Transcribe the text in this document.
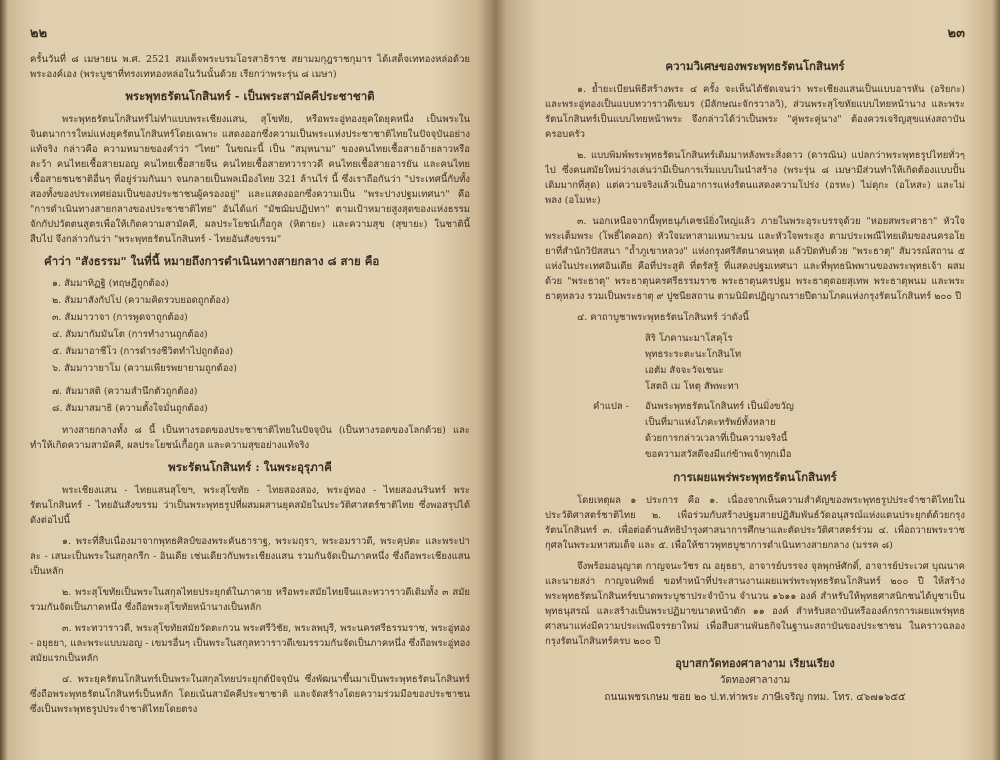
๒๒

ครั้นวันที่ ๘ เมษายน พ.ศ. 2521 สมเด็จพระบรมโอรสาธิราช สยามมกุฎราชกุมาร ได้เสด็จเททองหล่อด้วยพระองค์เอง (พระบูชาที่ทรงเททองหล่อในวันนั้นด้วย เรียกว่าพระรุ่น ๘ เมษา)

พระพุทธรัตนโกสินทร์ - เป็นพระสามัคคีประชาชาติ

พระพุทธรัตนโกสินทร์ไม่ทำแบบพระเชียงแสน, สุโขทัย, หรือพระอู่ทองยุคใดยุคหนึ่ง เป็นพระในจินตนาการใหม่แห่งยุครัตนโกสินทร์โดยเฉพาะ แสดงออกซึ่งความเป็นพระแห่งประชาชาติไทยในปัจจุบันอย่างแท้จริง กล่าวคือ ความหมายของคำว่า "ไทย" ในขณะนี้ เป็น "สมุหนาม" ของคนไทยเชื้อสายอ้ายลาวหรือละว้า คนไทยเชื้อสายมอญ คนไทยเชื้อสายจีน คนไทยเชื้อสายทวาราวดี คนไทยเชื้อสายอารยัน และคนไทยเชื้อสายชนชาติอื่นๆ ที่อยู่ร่วมกันมา จนกลายเป็นพลเมืองไทย 321 ล้านไร่ นี้ ซึ่งเราถือกันว่า "ประเทศนี้กับทั้งสองทั้งของประเทศย่อมเป็นของประชาชนผู้ครองอยู่" และแสดงออกซึ่งความเป็น "พระปางปฐมเทศนา" คือ "การดำเนินทางสายกลางของประชาชาติไทย" อันได้แก่ "มัชฌิมปฏิปทา" ตามเป้าหมายสูงสุดของแห่งธรรมจักกัปปวัตตนสูตรเพื่อให้เกิดความสามัคคี, ผลประโยชน์เกื้อกูล (หิตายะ) และความสุข (สุขายะ) ในชาตินี้สืบไป จึงกล่าวกันว่า "พระพุทธรัตนโกสินทร์ - ไทยอันสังขรรม"

คำว่า "สังธรรม" ในที่นี้ หมายถึงการดำเนินทางสายกลาง ๘ สาย คือ
๑. สัมมาทิฏฐิ (ทฤษฎีถูกต้อง)
๒. สัมมาสังกัปโป (ความคิดรวบยอดถูกต้อง)
๓. สัมมาวาจา (การพูดจาถูกต้อง)
๔. สัมมากัมมันโต (การทำงานถูกต้อง)
๕. สัมมาอาชีโว (การดำรงชีวิตทำไปถูกต้อง)
๖. สัมมาวายาโม (ความเพียรพยายามถูกต้อง)
๗. สัมมาสติ (ความสำนึกตัวถูกต้อง)
๘. สัมมาสมาธิ (ความตั้งใจมั่นถูกต้อง)

ทางสายกลางทั้ง ๘ นี้ เป็นทางรอดของประชาชาติไทยในปัจจุบัน (เป็นทางรอดของโลกด้วย) และทำให้เกิดความสามัคคี, ผลประโยชน์เกื้อกูล และความสุขอย่างแท้จริง

พระรัตนโกสินทร์ : ในพระอุรุภาคี

พระเชียงแสน - ไทยแสนสุโขฯ, พระสุโขทัย - ไทยสองสอง, พระอู่ทอง - ไทยสองนรินทร์ พระรัตนโกสินทร์ - ไทยอันสังขรรม ว่าเป็นพระพุทธรูปที่ผสมผสานยุคสมัยในประวัติศาสตร์ชาติไทย ซึ่งพอสรุปได้ดังต่อไปนี้

๑. พระที่สืบเนื่องมาจากพุทธศิลป์ของพระคันธาราฐ, พระมถุรา, พระอมราวดี, พระคุปตะ และพระปาละ - เสนะเป็นพระในสกุลกรีก - อินเดีย เช่นเดียวกับพระเชียงแสน รวมกันจัดเป็นภาคหนึ่ง ซึ่งถือพระเชียงแสนเป็นหลัก

๒. พระสุโขทัยเป็นพระในสกุลไทยประยุกต์ในภาคาย หรือพระสมัยไทยจีนและทวาราวดีเดิมทั้ง ๓ สมัย รวมกันจัดเป็นภาคหนึ่ง ซึ่งถือพระสุโขทัยหน้านางเป็นหลัก

๓. พระทวาราวดี, พระสุโขทัยสมัยวัดตะกวน พระศรีวิชัย, พระลพบุรี, พระนครศรีธรรมราช, พระอู่ทอง - อยุธยา, และพระแบบมอญ - เขมรอื่นๆ เป็นพระในสกุลทวาราวดีเขมรรวมกันจัดเป็นภาคหนึ่ง ซึ่งถือพระอู่ทองสมัยแรกเป็นหลัก

๔. พระยุครัตนโกสินทร์เป็นพระในสกุลไทยประยุกต์ปัจจุบัน ซึ่งพัฒนาขึ้นมาเป็นพระพุทธรัตนโกสินทร์ ซึ่งถือพระพุทธรัตนโกสินทร์เป็นหลัก โดยเน้นสามัคคีประชาชาติ และจัดสร้างโดยความร่วมมือของประชาชน ซึ่งเป็นพระพุทธรูปประจำชาติไทยโดยตรง

๒๓
ความวิเศษของพระพุทธรัตนโกสินทร์

๑. ย้ำยะเบียนพิธีสร้างพระ ๔ ครั้ง จะเห็นได้ชัดเจนว่า พระเชียงแสนเป็นแบบอารหัน (อริยกะ) และพระอู่ทองเป็นแบบทวาราวดีเขมร (มีลักษณะจักรวาลวิ), ส่วนพระสุโขทัยแบบไทยหน้านาง และพระรัตนโกสินทร์เป็นแบบไทยหน้าพระ จึงกล่าวได้ว่าเป็นพระ "คู่พระคู่นาง" ต้องควรเจริญสุขแห่งสถาบันครอบครัว

๒. แบบพิมพ์พระพุทธรัตนโกสินทร์เดิมมาหลังพระสิ่งดาว (ดารณิน) แปลกว่าพระพุทธรูปไทยทั่วๆ ไป ซึ่งคนสมัยใหม่ว่างเล่นว่ามีเป็นการเริ่มแบบในนำสร้าง (พระรุ่น ๘ เมษามีส่วนทำให้เกิดต้องแบบปั้นเดิมมากที่สุด) แต่ความจริงแล้วเป็นอาการแห่งรัตนแสดงความโปร่ง (อรหะ) ไม่ดุกะ (อโหสะ) และไม่พลง (อโมหะ)

๓. นอกเหนือจากนี้พุทธนุภ์เคชน์ยิ่งใหญ่แล้ว ภายในพระอุระบรรจุด้วย "หอยสพระศาธา" หัวใจพระเต็มพระ (โพธิ์ไดคอก) หัวใจมหาสามเหมาะมน และหัวใจพระสูง ตามประเพณีไทยเดิมของนครอโยยาที่สำนักวิปัสสนา "ถ้ำภูเขาหลวง" แห่งกรุงศรีสัตนาคนหุต แล้วปิดทับด้วย "พระธาตุ" สัมวรณ์สถาน ๕ แห่งในประเทศอินเดีย คือที่ประสูติ ที่ตรัสรู้ ที่แสดงปฐมเทศนา และที่พุทธนิพพานของพระพุทธเจ้า ผสมด้วย "พระธาตุ" พระธาตุนครศรีธรรมราช พระธาตุนครปฐม พระธาตุดอยสุเทพ พระธาตุพนม และพระธาตุหลวง รวมเป็นพระธาตุ ๙ ปูชนียสถาน ตามนิมิตปฏิญาณรายปีตามโภคแห่งกรุงรัตนโกสินทร์ ๒๐๐ ปี

๔. คาถาบูชาพระพุทธรัตนโกสินทร์ ว่าดังนี้

สิริ โภคานะมาโสคุโร
พุทธระระตะนะโกสินโท
เอตัม สัจจะวัจเชนะ
โสตถิ เม โหตุ สัพพะทา
คำแปล - อันพระพุทธรัตนโกสินทร์ เป็นมิ่งขวัญ
เป็นที่มาแห่งโภคะทรัพย์ทั้งหลาย
ด้วยการกล่าวเวลาที่เป็นความจริงนี้
ขอความสวัสดีจงมีแก่ข้าพเจ้าทุกเมื่อ
การเผยแพร่พระพุทธรัตนโกสินทร์

โดยเหตุผล ๑ ประการ คือ ๑. เนื่องจากเห็นความสำคัญของพระพุทธรูปประจำชาติไทยในประวัติศาสตร์ชาติไทย ๒. เพื่อร่วมกับสร้างปฐมสายปฏิสัมพันธ์วัดอนุสรณ์แห่งแดนประยุกต์ด้วยกรุงรัตนโกสินทร์ ๓. เพื่อต่อต้านลัทธิบำรุงศาสนาการศึกษาและตัดประวัติศาสตร์ร่วม ๔. เพื่อถวายพระราชกุศลในพระมหาสมเด็จ และ ๕. เพื่อให้ชาวพุทธบูชาการดำเนินทางสายกลาง (มรรค ๘)

จึงพร้อมอนุญาต กาญจนะวัชร ณ อยุธยา, อาจารย์บรรจง จุลพุกษ์ศักดิ์, อาจารย์ประเวศ บุณนาค และนายสง่า กาญจนทิพย์ ขอทำหน้าที่ประสานงานเผยแพร่พระพุทธรัตนโกสินทร์ ๒๐๐ ปี ให้สร้างพระพุทธรัตนโกสินทร์ขนาดพระบูชาประจำบ้าน จำนวน ๑๖๑๑ องค์ สำหรับให้พุทธศาสนิกชนได้บูชาเป็นพุทธนุสรณ์ และสร้างเป็นพระปฏิมาขนาดหน้าตัก ๑๑ องค์ สำหรับสถาบันหรือองค์กรการเผยแพร่พุทธศาสนาแห่งมีความประเพณีจรรยาใหม่ เพื่อสืบสานพันธกิจในฐานะสถาบันของประชาชน ในคราวฉลองกรุงรัตนโกสินทร์ครบ ๒๐๐ ปี

อุบาสกวัดทองศาลางาม เรียนเรียง
วัดทองศาลางาม
ถนนเพชรเกษม ซอย ๒๐ ป.ท.ท่าพระ ภาษีเจริญ กทม. โทร. ๔๖๗๑๖๕๕
